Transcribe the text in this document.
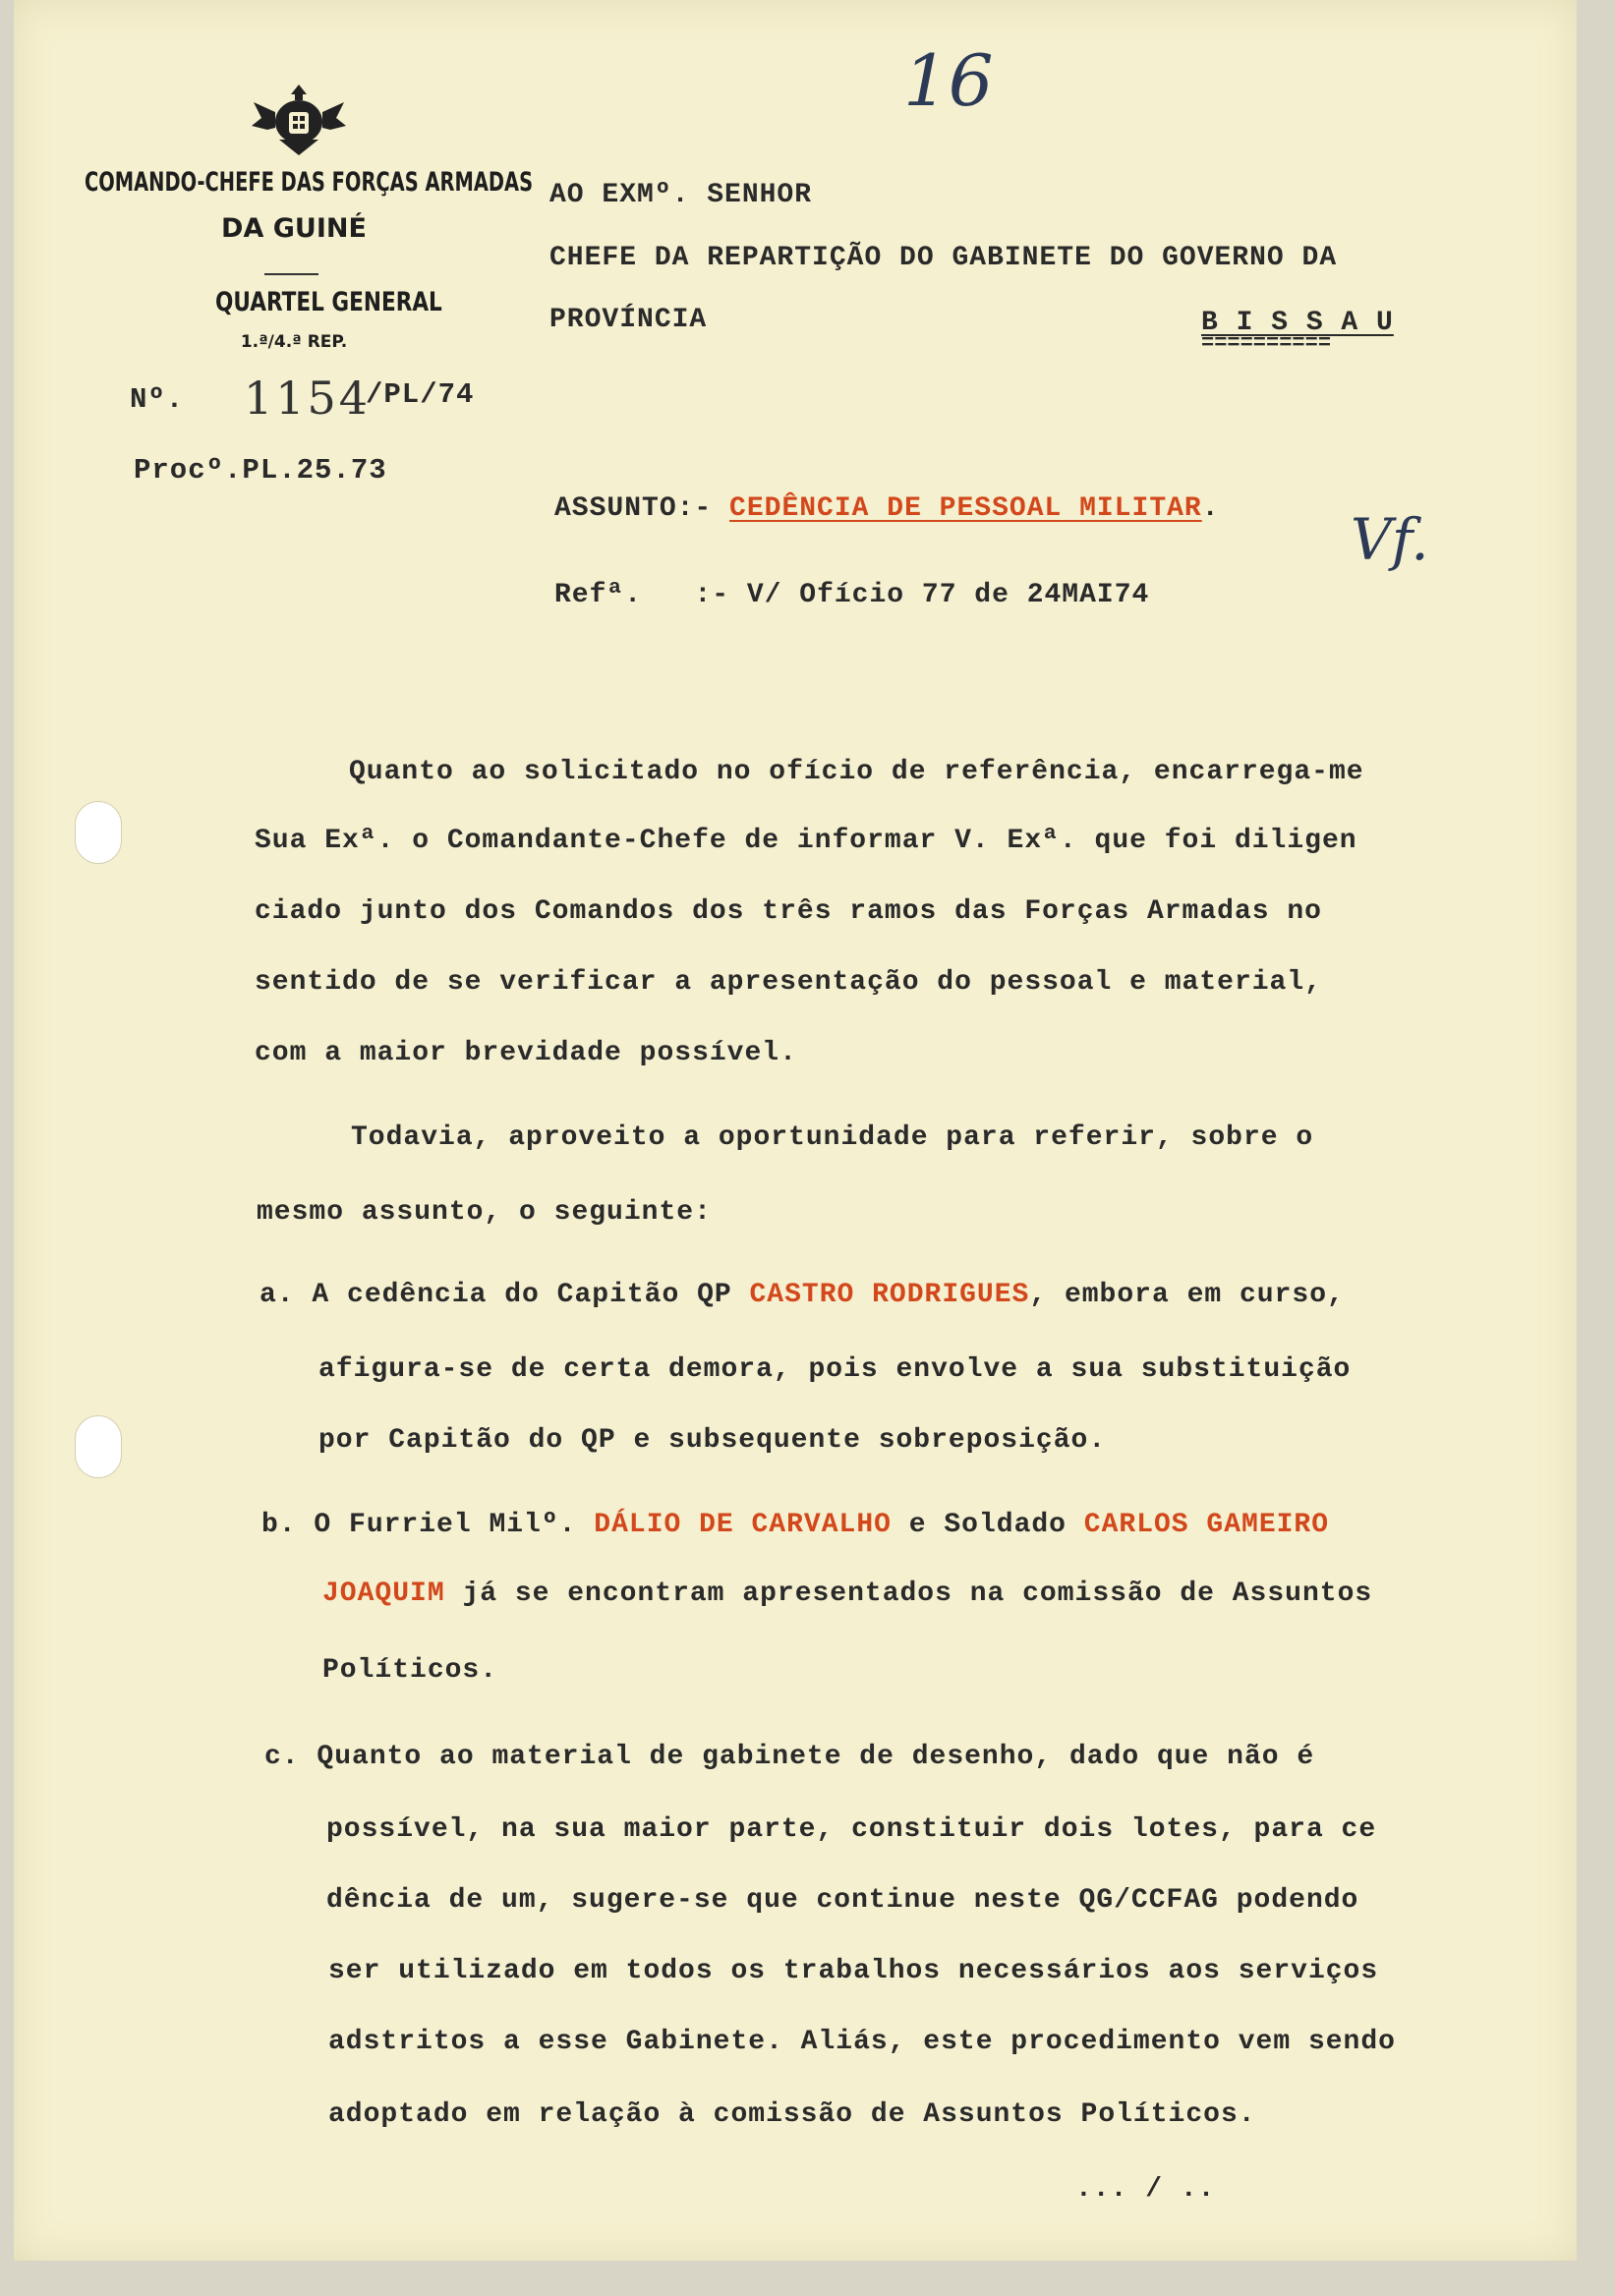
16
Vf.
COMANDO-CHEFE DAS FORÇAS ARMADAS
DA GUINÉ
QUARTEL GENERAL
1.ª/4.ª REP.
Nº. 1154
/PL/74
Procº.PL.25.73
AO EXMº. SENHOR
CHEFE DA REPARTIÇÃO DO GABINETE DO GOVERNO DA
PROVÍNCIA	B I S S A U
==========
ASSUNTO:- CEDÊNCIA DE PESSOAL MILITAR.
Refª. :- V/ Ofício 77 de 24MAI74
Quanto ao solicitado no ofício de referência, encarrega-me
Sua Exª. o Comandante-Chefe de informar V. Exª. que foi diligen
ciado junto dos Comandos dos três ramos das Forças Armadas no
sentido de se verificar a apresentação do pessoal e material,
com a maior brevidade possível.
Todavia, aproveito a oportunidade para referir, sobre o
mesmo assunto, o seguinte:
a. A cedência do Capitão QP CASTRO RODRIGUES, embora em curso,
afigura-se de certa demora, pois envolve a sua substituição
por Capitão do QP e subsequente sobreposição.
b. O Furriel Milº. DÁLIO DE CARVALHO e Soldado CARLOS GAMEIRO
JOAQUIM já se encontram apresentados na comissão de Assuntos
Políticos.
c. Quanto ao material de gabinete de desenho, dado que não é
possível, na sua maior parte, constituir dois lotes, para ce
dência de um, sugere-se que continue neste QG/CCFAG podendo
ser utilizado em todos os trabalhos necessários aos serviços
adstritos a esse Gabinete. Aliás, este procedimento vem sendo
adoptado em relação à comissão de Assuntos Políticos.
... / ..
